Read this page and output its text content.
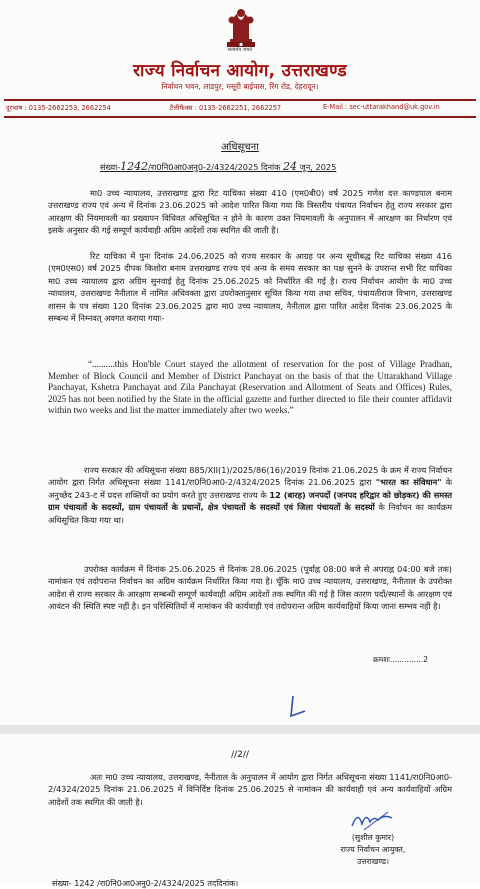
सत्यमेव जयते
राज्य निर्वाचन आयोग, उत्तराखण्ड
निर्वाचन भवन, लाडपुर, मसूरी बाईपास, रिंग रोड, देहरादून।
दूरभाष : 0135-2662253, 2662254	टैलीफैक्स : 0135-2662251, 2662257	E-Mail : sec-uttarakhand@uk.gov.in
अधिसूचना
संख्या-1242/रा0नि0आ0अनु0-2/4324/2025 दिनांक 24 जून, 2025

मा0 उच्च न्यायालय, उत्तराखण्ड द्वारा रिट याचिका संख्या 410 (एम0बी0) वर्ष 2025 गणेश दत्त काण्डपाल बनाम उत्तराखण्ड राज्य एवं अन्य में दिनांक 23.06.2025 को आदेश पारित किया गया कि त्रिस्तरीय पंचायत निर्वाचन हेतु राज्य सरकार द्वारा आरक्षण की नियमावली का प्रख्यापन विधिवत अधिसूचित न होने के कारण उक्त नियमावली के अनुपालन में आरक्षण का निर्धारण एवं इसके अनुसार की गई सम्पूर्ण कार्यवाही अग्रिम आदेशों तक स्थगित की जाती है।

रिट याचिका में पुनः दिनांक 24.06.2025 को राज्य सरकार के आग्रह पर अन्य सूचीबद्ध रिट याचिका संख्या 416 (एम0एस0) वर्ष 2025 दीपक किशोरा बनाम उत्तराखण्ड राज्य एवं अन्य के समय सरकार का पक्ष सुनने के उपरान्त सभी रिट याचिका मा0 उच्च न्यायालय द्वारा अग्रिम सुनवाई हेतु दिनांक 25.06.2025 को निर्धारित की गई है। राज्य निर्वाचन आयोग के मा0 उच्च न्यायालय, उत्तराखण्ड नैनीताल में नामित अधिवक्ता द्वारा उपरोक्तानुसार सूचित किया गया तथा सचिव, पंचायतीराज विभाग, उत्तराखण्ड शासन के पत्र संख्या 120 दिनांक 23.06.2025 द्वारा मा0 उच्च न्यायालय, नैनीताल द्वारा पारित आदेश दिनांक 23.06.2025 के सम्बन्ध में निम्नवत् अवगत कराया गयाः-

“..........this Hon'ble Court stayed the allotment of reservation for the post of Village Pradhan, Member of Block Council and Member of District Panchayat on the basis of that the Uttarakhand Village Panchayat, Kshetra Panchayat and Zila Panchayat (Reservation and Allotment of Seats and Offices) Rules, 2025 has not been notified by the State in the official gazette and further directed to file their counter affidavit within two weeks and list the matter immediately after two weeks.”

राज्य सरकार की अधिसूचना संख्या 885/XII(1)/2025/86(16)/2019 दिनांक 21.06.2025 के क्रम में राज्य निर्वाचन आयोग द्वारा निर्गत अधिसूचना संख्या 1141/रा0नि0आ0-2/4324/2025 दिनांक 21.06.2025 द्वारा "भारत का संविधान" के अनुच्छेद 243-ट में प्रदत्त शक्तियों का प्रयोग करते हुए उत्तराखण्ड राज्य के 12 (बारह) जनपदों (जनपद हरिद्वार को छोड़कर) की समस्त ग्राम पंचायतों के सदस्यों, ग्राम पंचायतों के प्रधानों, क्षेत्र पंचायतों के सदस्यों एवं जिला पंचायतों के सदस्यों के निर्वाचन का कार्यक्रम अधिसूचित किया गया था।

उपरोक्त कार्यक्रम में दिनांक 25.06.2025 से दिनांक 28.06.2025 (पूर्वाह्न 08:00 बजे से अपराह्न 04:00 बजे तक) नामांकन एवं तदोपरान्त निर्वाचन का अग्रिम कार्यक्रम निर्धारित किया गया है। चूँकि मा0 उच्च न्यायालय, उत्तराखण्ड, नैनीताल के उपरोक्त आदेश से राज्य सरकार के आरक्षण सम्बन्धी सम्पूर्ण कार्यवाही अग्रिम आदेशों तक स्थगित की गई है जिस कारण पदों/स्थानों के आरक्षण एवं आवंटन की स्थिति स्पष्ट नहीं है। इन परिस्थितियों में नामांकन की कार्यवाही एवं तदोपरान्त अग्रिम कार्यवाहियों किया जाना सम्भव नहीं है।

क्रमशः..............2
//2//

अतः मा0 उच्च न्यायालय, उत्तराखण्ड, नैनीताल के अनुपालन में आयोग द्वारा निर्गत अधिसूचना संख्या 1141/रा0नि0आ0-2/4324/2025 दिनांक 21.06.2025 में विनिर्दिष्ट दिनांक 25.06.2025 से नामांकन की कार्यवाही एवं अन्य कार्यवाहियों अग्रिम आदेशों तक स्थगित की जाती है।

(सुशील कुमार)
राज्य निर्वाचन आयुक्त,
उत्तराखण्ड।
संख्या- 1242 /रा0नि0आ0अनु0-2/4324/2025 तददिनांक।
